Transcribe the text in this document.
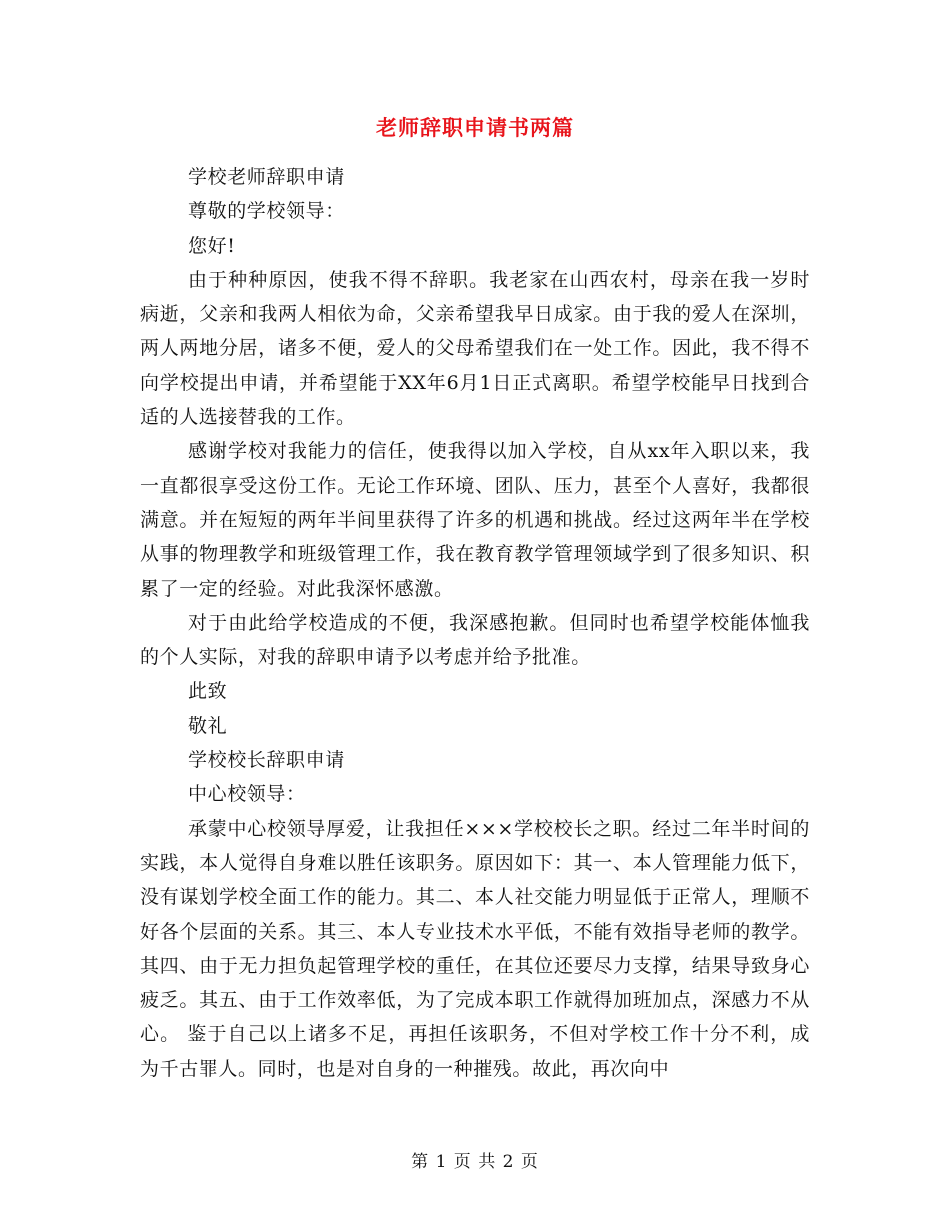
老师辞职申请书两篇

学校老师辞职申请

尊敬的学校领导：

您好!

由于种种原因，使我不得不辞职。我老家在山西农村，母亲在我一岁时病逝，父亲和我两人相依为命，父亲希望我早日成家。由于我的爱人在深圳，两人两地分居，诸多不便，爱人的父母希望我们在一处工作。因此，我不得不向学校提出申请，并希望能于XX年6月1日正式离职。希望学校能早日找到合适的人选接替我的工作。

感谢学校对我能力的信任，使我得以加入学校，自从xx年入职以来，我一直都很享受这份工作。无论工作环境、团队、压力，甚至个人喜好，我都很满意。并在短短的两年半间里获得了许多的机遇和挑战。经过这两年半在学校从事的物理教学和班级管理工作，我在教育教学管理领域学到了很多知识、积累了一定的经验。对此我深怀感激。

对于由此给学校造成的不便，我深感抱歉。但同时也希望学校能体恤我的个人实际，对我的辞职申请予以考虑并给予批准。

此致

敬礼

学校校长辞职申请

中心校领导：

承蒙中心校领导厚爱，让我担任×××学校校长之职。经过二年半时间的实践，本人觉得自身难以胜任该职务。原因如下：其一、本人管理能力低下，没有谋划学校全面工作的能力。其二、本人社交能力明显低于正常人，理顺不好各个层面的关系。其三、本人专业技术水平低，不能有效指导老师的教学。其四、由于无力担负起管理学校的重任，在其位还要尽力支撑，结果导致身心疲乏。其五、由于工作效率低，为了完成本职工作就得加班加点，深感力不从心。 鉴于自己以上诸多不足，再担任该职务，不但对学校工作十分不利，成为千古罪人。同时，也是对自身的一种摧残。故此，再次向中

第 1 页 共 2 页
